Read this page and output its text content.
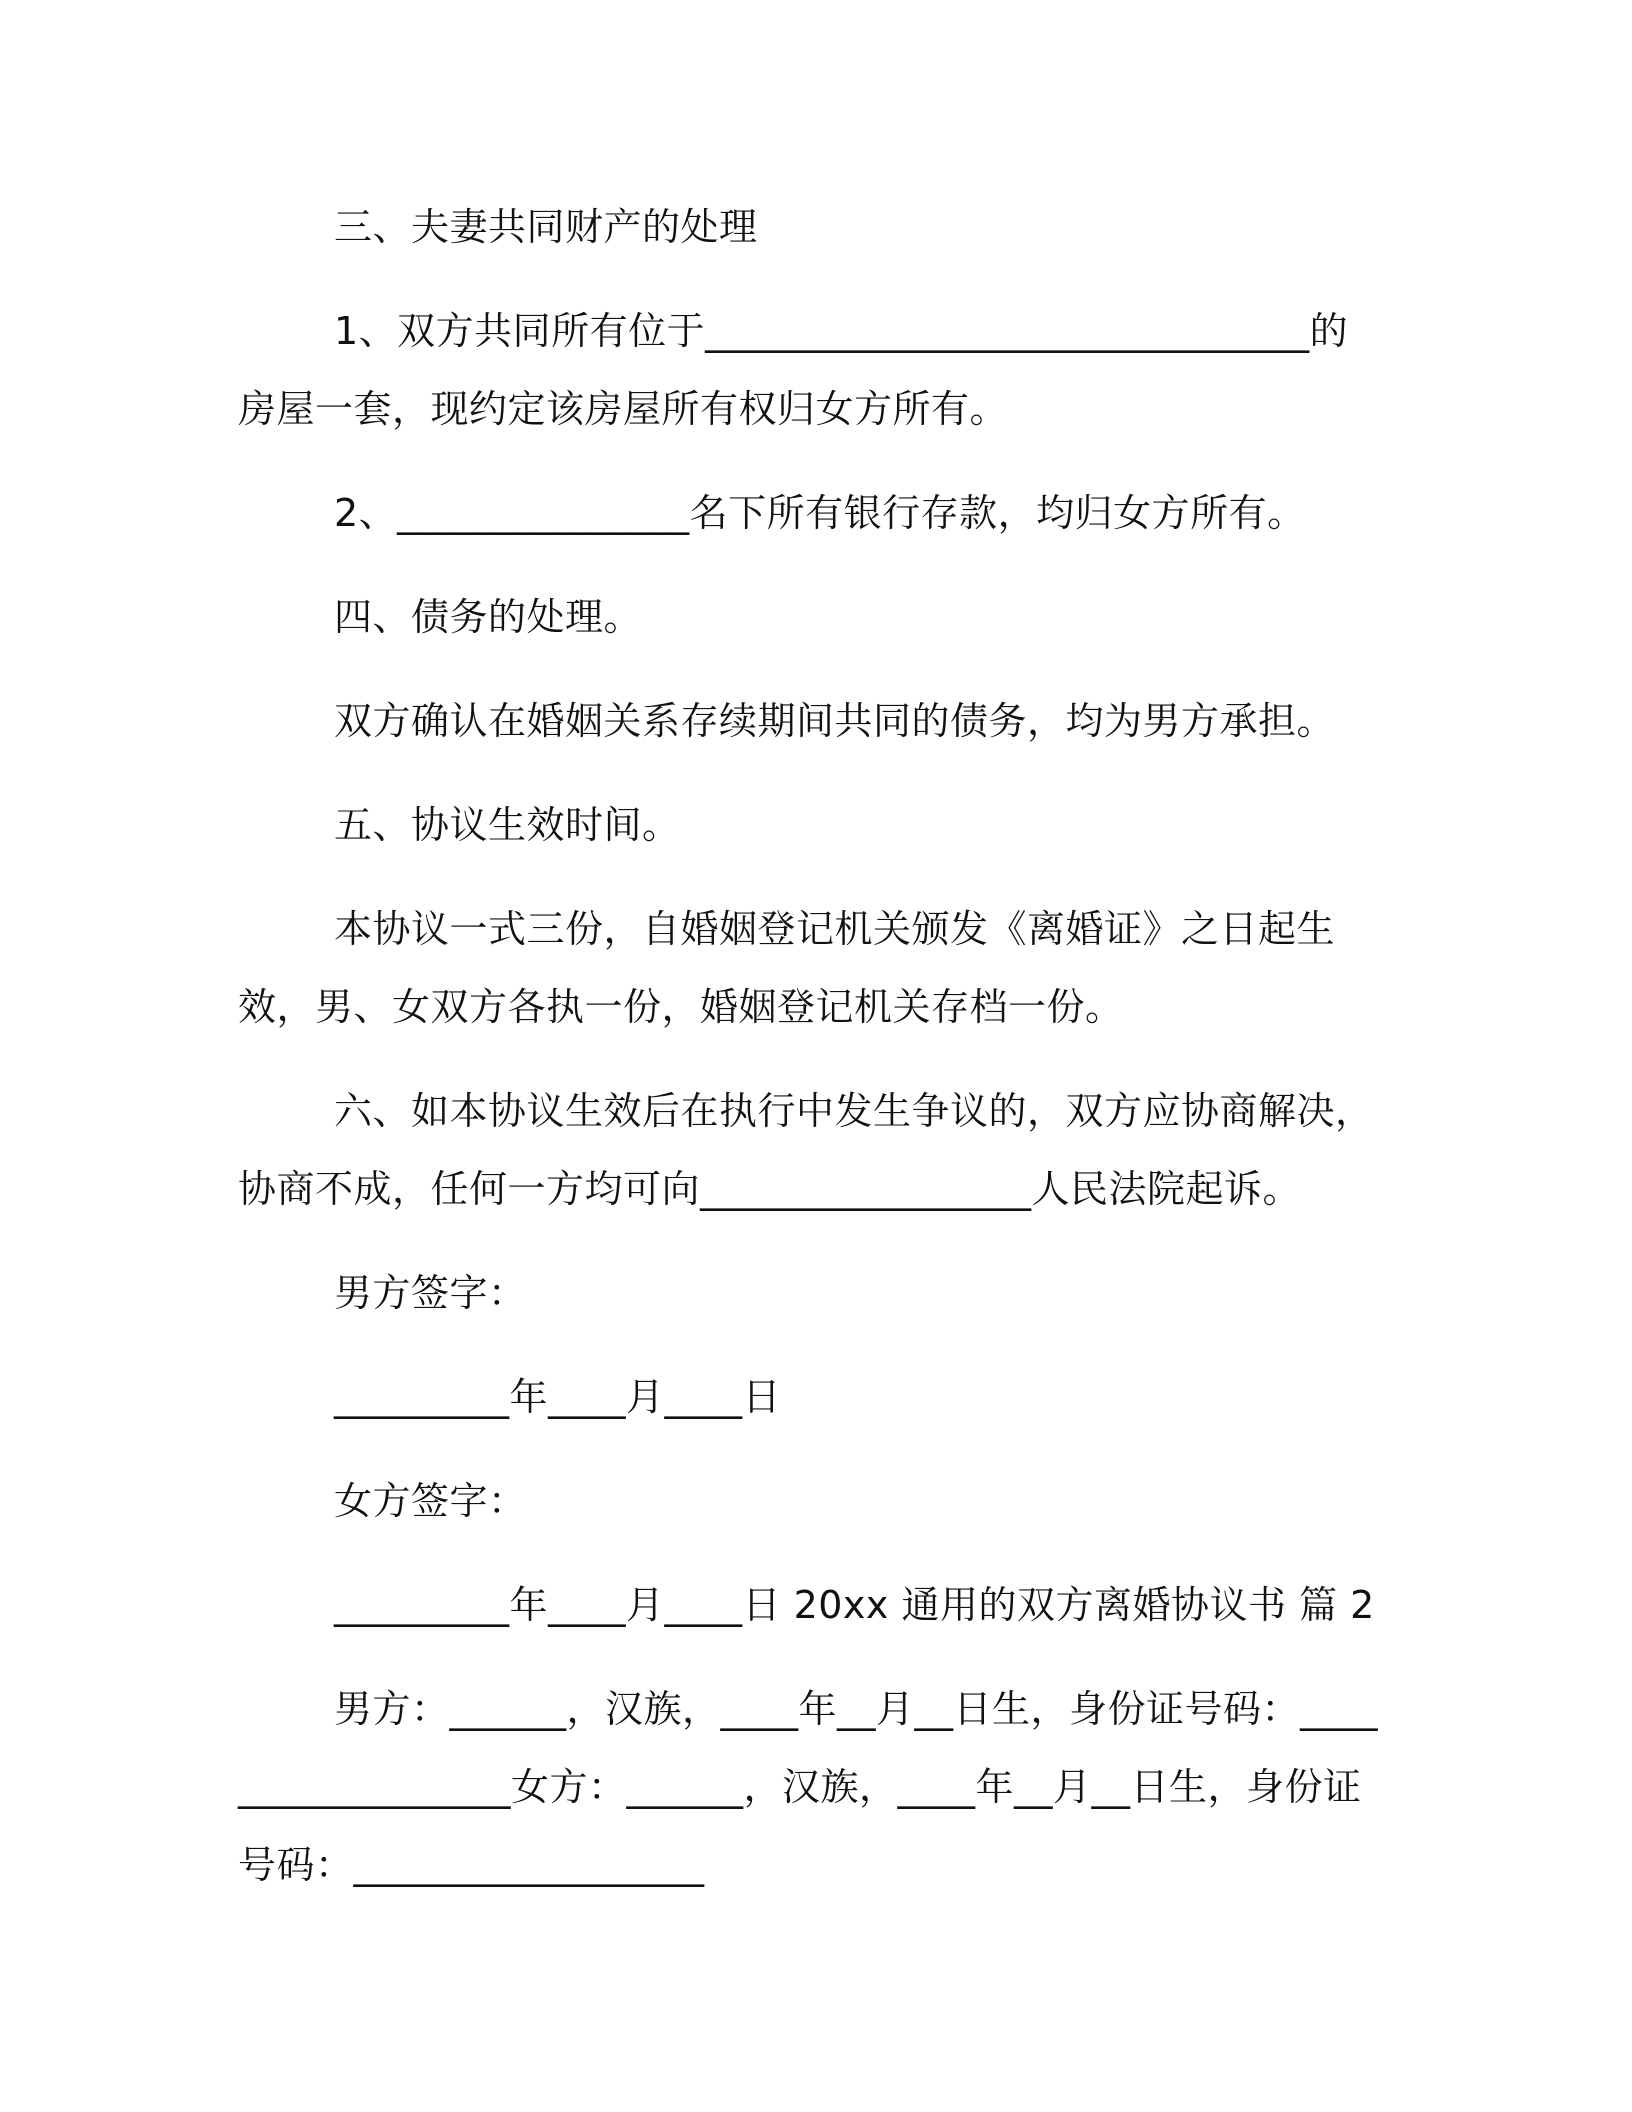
三、夫妻共同财产的处理

1、双方共同所有位于_______________________________的房屋一套，现约定该房屋所有权归女方所有。

2、_______________名下所有银行存款，均归女方所有。

四、债务的处理。

双方确认在婚姻关系存续期间共同的债务，均为男方承担。

五、协议生效时间。

本协议一式三份，自婚姻登记机关颁发《离婚证》之日起生效，男、女双方各执一份，婚姻登记机关存档一份。

六、如本协议生效后在执行中发生争议的，双方应协商解决，协商不成，任何一方均可向_________________人民法院起诉。

男方签字：

_________年____月____日

女方签字：

_________年____月____日 20xx 通用的双方离婚协议书 篇 2

男方：______，汉族，____年__月__日生，身份证号码：__________________女方：______，汉族，____年__月__日生，身份证号码：__________________
